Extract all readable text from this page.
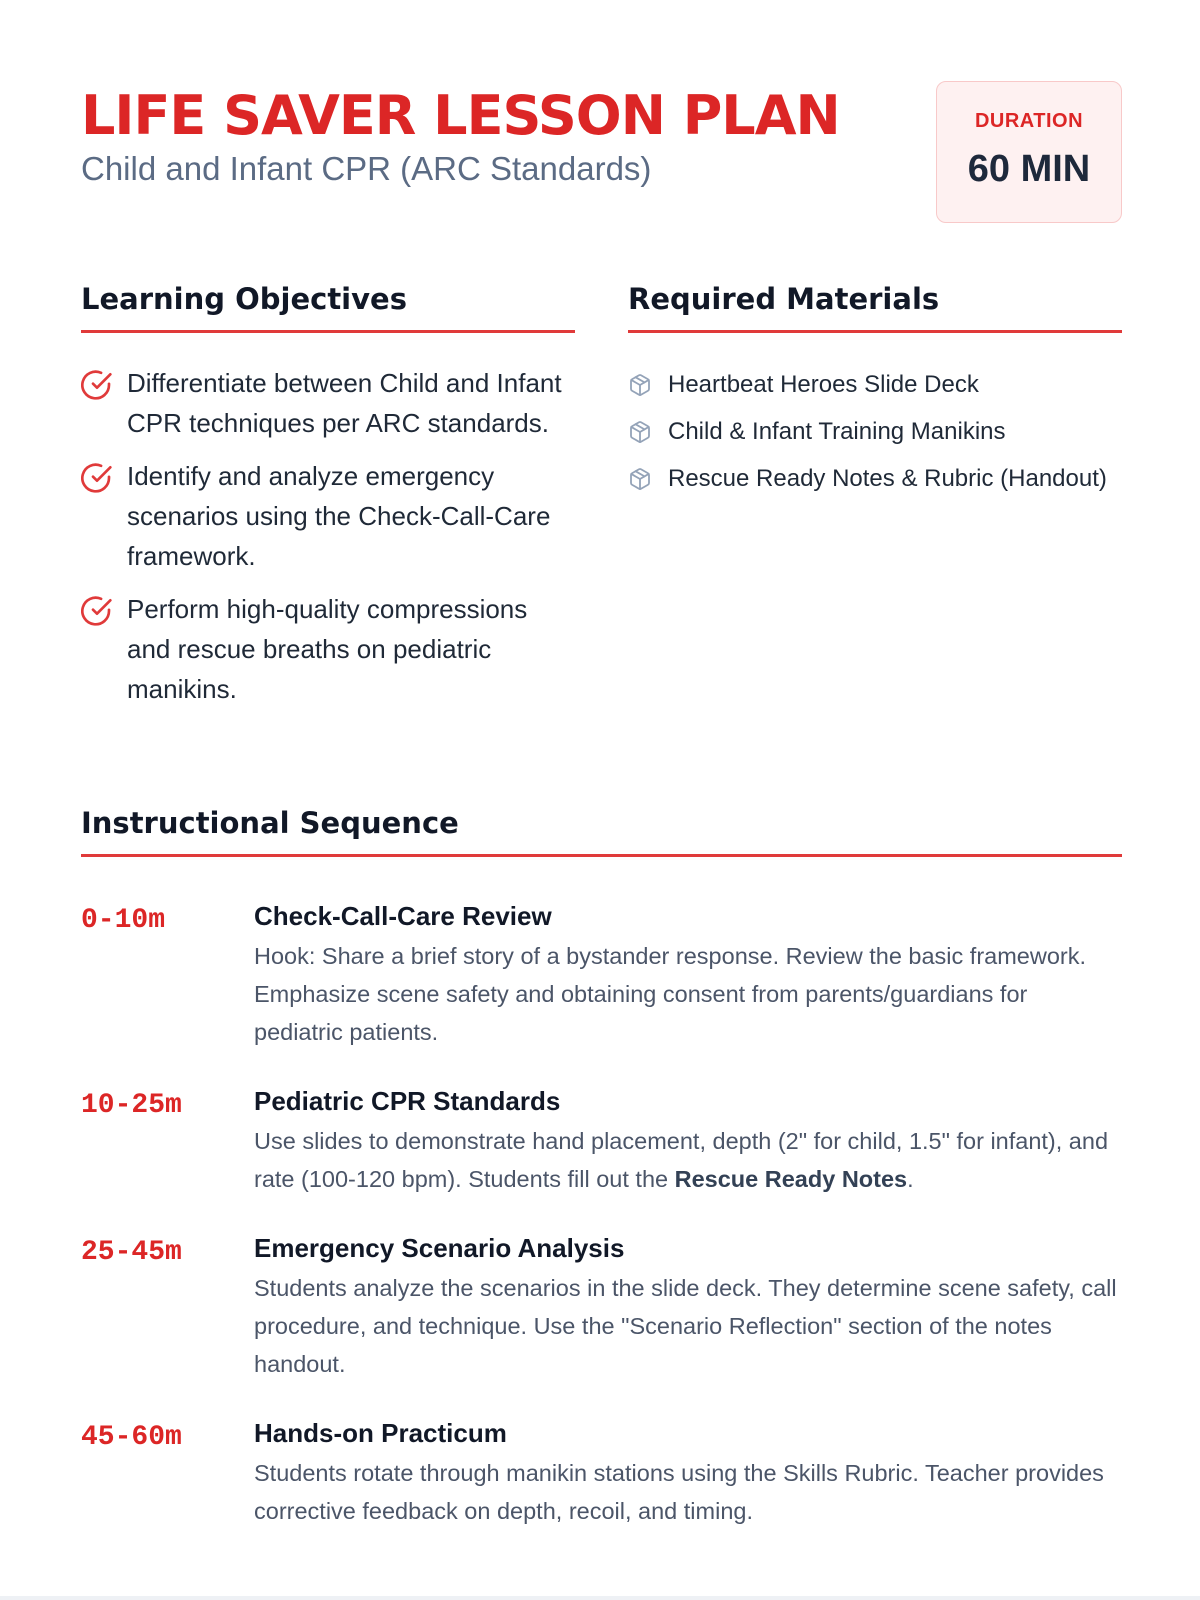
LIFE SAVER LESSON PLAN
Child and Infant CPR (ARC Standards)
DURATION
60 MIN
Learning Objectives
Differentiate between Child and Infant CPR techniques per ARC standards.
Identify and analyze emergency scenarios using the Check-Call-Care framework.
Perform high-quality compressions and rescue breaths on pediatric manikins.
Required Materials
Heartbeat Heroes Slide Deck
Child & Infant Training Manikins
Rescue Ready Notes & Rubric (Handout)
Instructional Sequence
0-10m	Check-Call-Care Review
Hook: Share a brief story of a bystander response. Review the basic framework. Emphasize scene safety and obtaining consent from parents/guardians for pediatric patients.
10-25m	Pediatric CPR Standards
Use slides to demonstrate hand placement, depth (2" for child, 1.5" for infant), and rate (100-120 bpm). Students fill out the Rescue Ready Notes.
25-45m	Emergency Scenario Analysis
Students analyze the scenarios in the slide deck. They determine scene safety, call procedure, and technique. Use the "Scenario Reflection" section of the notes handout.
45-60m	Hands-on Practicum
Students rotate through manikin stations using the Skills Rubric. Teacher provides corrective feedback on depth, recoil, and timing.
